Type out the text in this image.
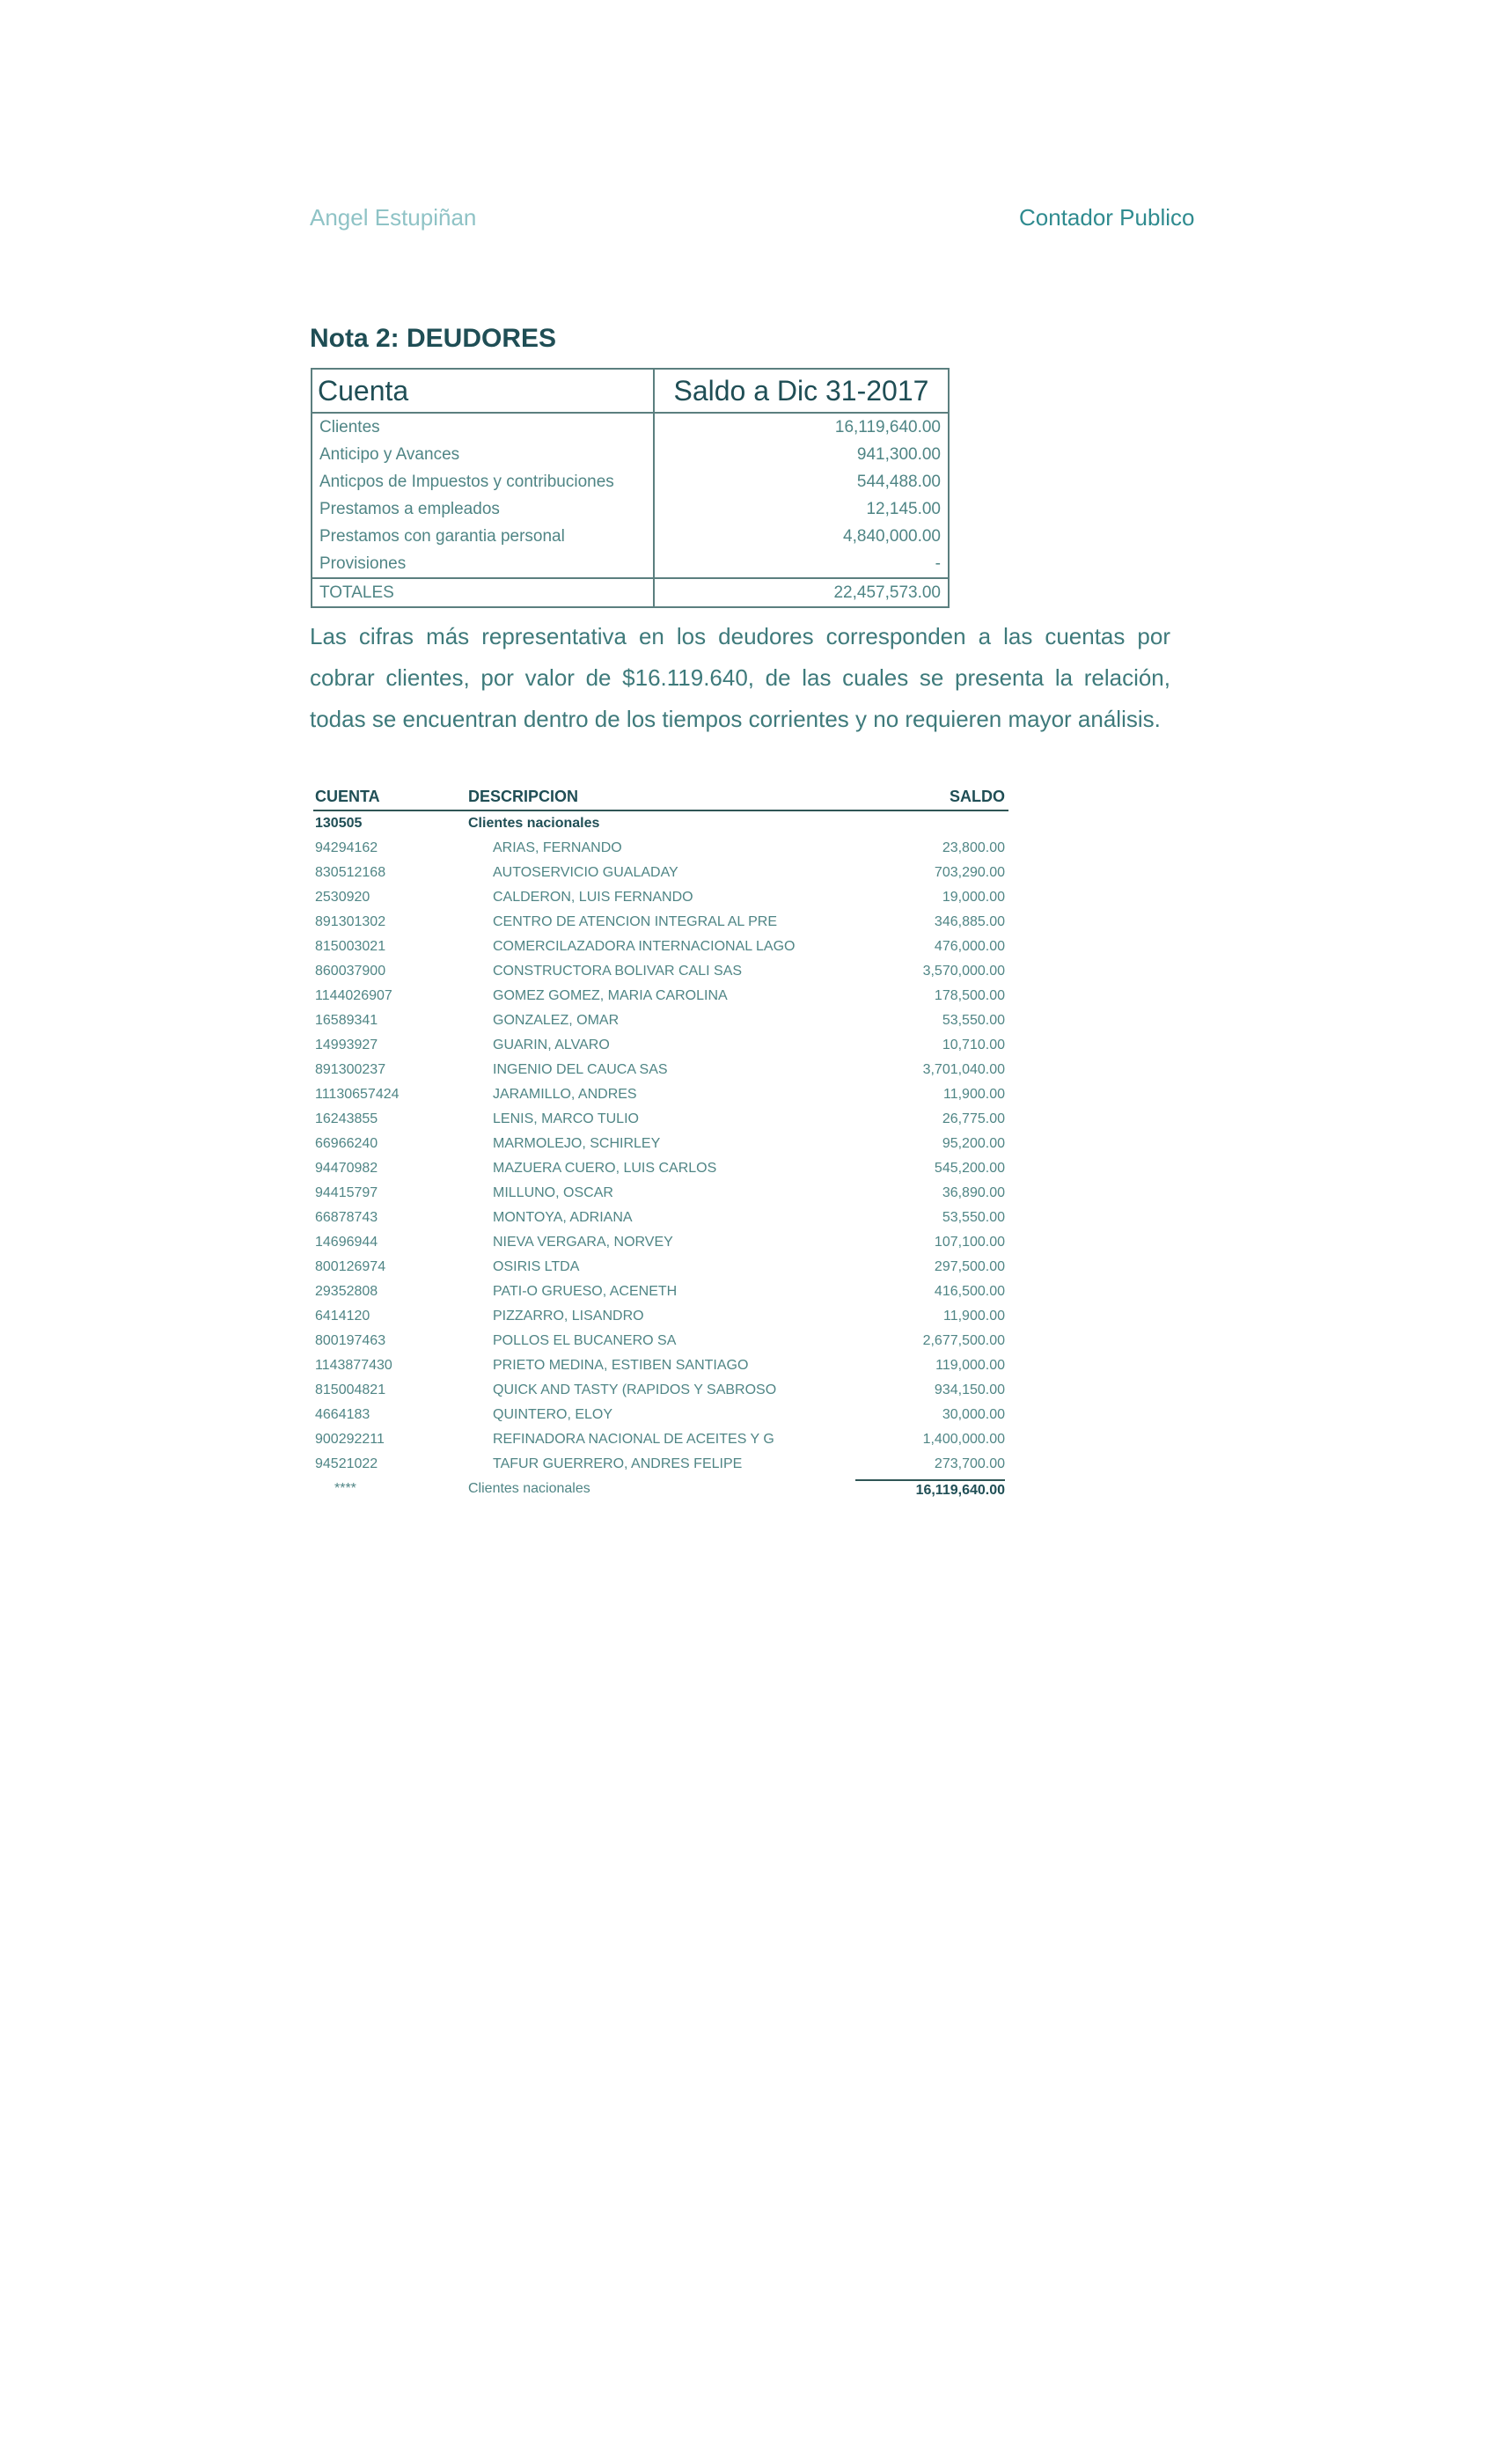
Angel Estupiñan	Contador Publico
Nota 2: DEUDORES
Cuenta	Saldo a Dic 31-2017
Clientes	16,119,640.00
Anticipo y Avances	941,300.00
Anticpos de Impuestos y contribuciones	544,488.00
Prestamos a empleados	12,145.00
Prestamos con garantia personal	4,840,000.00
Provisiones	-
TOTALES	22,457,573.00
Las cifras más representativa en los deudores corresponden a las cuentas por cobrar clientes, por valor de $16.119.640, de las cuales se presenta la relación, todas se encuentran dentro de los tiempos corrientes y no requieren mayor análisis.
CUENTA	DESCRIPCION	SALDO
130505	Clientes nacionales	
94294162	ARIAS, FERNANDO	23,800.00
830512168	AUTOSERVICIO GUALADAY	703,290.00
2530920	CALDERON, LUIS FERNANDO	19,000.00
891301302	CENTRO DE ATENCION INTEGRAL AL PRE	346,885.00
815003021	COMERCILAZADORA INTERNACIONAL LAGO	476,000.00
860037900	CONSTRUCTORA BOLIVAR CALI SAS	3,570,000.00
1144026907	GOMEZ GOMEZ, MARIA CAROLINA	178,500.00
16589341	GONZALEZ, OMAR	53,550.00
14993927	GUARIN, ALVARO	10,710.00
891300237	INGENIO DEL CAUCA SAS	3,701,040.00
11130657424	JARAMILLO, ANDRES	11,900.00
16243855	LENIS, MARCO TULIO	26,775.00
66966240	MARMOLEJO, SCHIRLEY	95,200.00
94470982	MAZUERA CUERO, LUIS CARLOS	545,200.00
94415797	MILLUNO, OSCAR	36,890.00
66878743	MONTOYA, ADRIANA	53,550.00
14696944	NIEVA VERGARA, NORVEY	107,100.00
800126974	OSIRIS LTDA	297,500.00
29352808	PATI-O GRUESO, ACENETH	416,500.00
6414120	PIZZARRO, LISANDRO	11,900.00
800197463	POLLOS EL BUCANERO SA	2,677,500.00
1143877430	PRIETO MEDINA, ESTIBEN SANTIAGO	119,000.00
815004821	QUICK AND TASTY (RAPIDOS Y SABROSO	934,150.00
4664183	QUINTERO, ELOY	30,000.00
900292211	REFINADORA NACIONAL DE ACEITES Y G	1,400,000.00
94521022	TAFUR GUERRERO, ANDRES FELIPE	273,700.00
****	Clientes nacionales	16,119,640.00
